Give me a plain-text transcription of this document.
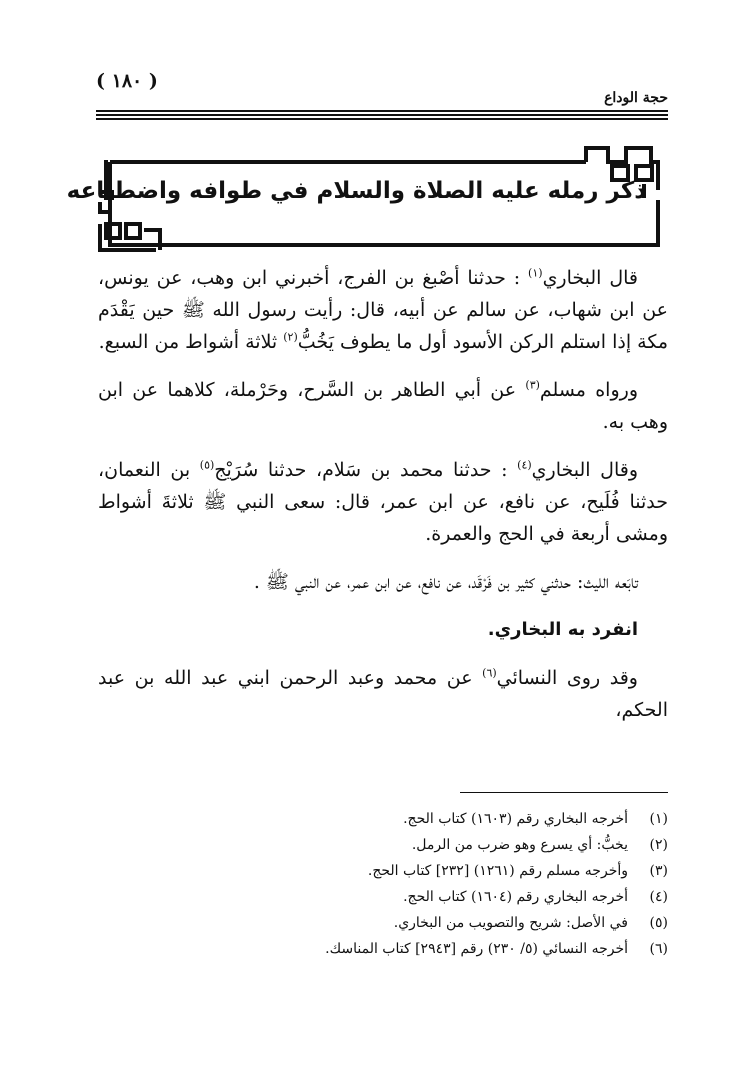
( ١٨٠ )
حجة الوداع
ذكر رمله عليه الصلاة والسلام في طوافه واضطباعه

قال البخاري$^{(١)}$ : حدثنا أصْبغ بن الفرج، أخبرني ابن وهب، عن يونس، عن ابن شهاب، عن سالم عن أبيه، قال: رأيت رسول الله ﷺ حين يَقْدَم مكة إذا استلم الركن الأسود أول ما يطوف يَخُبُّ$^{(٢)}$ ثلاثة أشواط من السبع.

ورواه مسلم$^{(٣)}$ عن أبي الطاهر بن السَّرح، وحَرْملة، كلاهما عن ابن وهب به.

وقال البخاري$^{(٤)}$ : حدثنا محمد بن سَلام، حدثنا سُرَيْج$^{(٥)}$ بن النعمان، حدثنا فُلَيح، عن نافع، عن ابن عمر، قال: سعى النبي ﷺ ثلاثةَ أشواط ومشى أربعة في الحج والعمرة.

تابَعه الليث: حدثني كثير بن فَرْقَد، عن نافع، عن ابن عمر، عن النبي ﷺ .

انفرد به البخاري.

وقد روى النسائي$^{(٦)}$ عن محمد وعبد الرحمن ابني عبد الله بن عبد الحكم،

(١)
أخرجه البخاري رقم (١٦٠٣) كتاب الحج.
(٢)
يخبُّ: أي يسرع وهو ضرب من الرمل.
(٣)
وأخرجه مسلم رقم (١٢٦١) [٢٣٢] كتاب الحج.
(٤)
أخرجه البخاري رقم (١٦٠٤) كتاب الحج.
(٥)
في الأصل: شريح والتصويب من البخاري.
(٦)
أخرجه النسائي (٥/ ٢٣٠) رقم [٢٩٤٣] كتاب المناسك.
